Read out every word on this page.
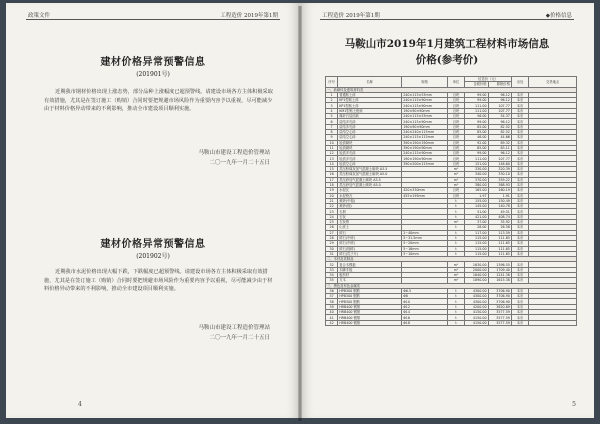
政策文件	工程造价 2019年第1期
建材价格异常预警信息
(201901号)
近期我市钢材价格出现上涨态势，部分品种上涨幅度已超预警线。请建设市场各方主体积极采取有效措施，尤其是在签订施工（购销）合同时要把规避市场风险作为重要内容予以重视，尽可能减少由于材料价格异动带来的不利影响，推动全市建设项目顺利实施。
马鞍山市建设工程造价管理站
二〇一九年一月二十五日
建材价格异常预警信息
(201902号)
近期我市水泥价格出现大幅下跌，下跌幅度已超预警线。请建设市场各方主体积极采取有效措施，尤其是在签订施工（购销）合同时要把规避市场风险作为重要内容予以重视，尽可能减少由于材料价格异动带来的不利影响，推动全市建设项目顺利实施。
马鞍山市建设工程造价管理站
二〇一九年一月二十五日
4
工程造价 2019年第1期	◆价格信息
马鞍山市2019年1月建筑工程材料市场信息
价格(参考价)
序号	名称	规格	单位	信息价（元）		出处	交货地点
				含税价格	除税价格		
一、砖砌体及建筑材料类							
1	普通粘土砖	240×115×53mm	百块	99.00	96.12	本市	
2	KP1型粘土砖	240×115×90mm	百块	99.00	96.12	本市	
3	KP1型粘土砖	240×115×90mm	百块	111.00	107.77	本市	
4	KM1型粘土配砖	190×90×90mm	百块	111.00	107.77	本市	
5	煤矸石烧结砖	240×115×53mm	百块	56.00	54.37	本市	
6	烧结多孔砖	240×115×90mm	百块	99.00	96.12	本市	
7	烧结多孔砖	190×90×90mm	百块	85.00	82.52	本市	
8	烧结空心砖	240×240×115mm	百块	85.00	82.52	本市	
9	烧结空心砖	240×115×115mm	百块	46.00	44.66	本市	
10	轻质砌块	390×190×190mm	百块	92.00	89.32	本市	
11	轻质砌块	390×190×90mm	百块	65.00	63.11	本市	
12	轻质多孔砖	240×115×90mm	百块	99.00	96.12	本市	
13	轻质多孔砖	190×190×90mm	百块	111.00	107.77	本市	
14	轻质空心砖	390×200×115mm	百块	151.00	146.60	本市	
15	蒸压粉煤灰加气混凝土砌块 A3.5		m³	330.00	320.39	本市	
16	蒸压粉煤灰加气混凝土砌块 A5.0		m³	340.00	330.10	本市	
17	蒸压砂加气混凝土砌块 A3.5		m³	370.00	359.22	本市	
18	蒸压砂加气混凝土砌块 A5.0		m³	380.00	368.93	本市	
19	水泥瓦	420×330mm	百块	165.00	160.19	本市	
20	水泥脊瓦	455×195mm	百块	1.97	1.91	本市	
21	黄砂(中粗)		t	155.00	150.49	本市	
22	黄砂(细)		t	145.00	140.78	本市	
23	石屑		t	51.00	49.51	本市	
24	石灰		t	421.00	408.74	本市	
25	石灰膏		m³	37.00	35.92	本市	
26	山皮土		t	28.00	26.58	本市	
27	碎石	2~40mm	t	117.00	113.59	本市	
28	碎石(中碎)	5~31.5mm	t	115.00	111.65	本市	
29	碎石(中碎)	5~20mm	t	115.00	111.65	本市	
30	碎石(细碎)	5~16mm	t	115.00	111.65	本市	
31	碎石(瓜子片)	5~10mm	t	115.00	111.65	本市	
二、木材及其制品							
32	复合木模板		m²	1630.00	1396.55	本市	
33	木脚手板		m³	2000.00	1709.40	本市	
34	板枋材		m³	1640.00	1241.38	本市	
35	方木		m³	1890.00	1615.38	本市	
三、黑色及有色金属类							
36	HPB300 钢筋	Φ6.5	t	4300.00	3706.90	本市	
37	HPB300 钢筋	Φ8	t	4300.00	3706.90	本市	
38	HPB300 钢筋	Φ10	t	4300.00	3706.90	本市	
39	HRB400 钢筋	Φ12	t	4200.00	3620.69	本市	
40	HRB400 钢筋	Φ14	t	4150.00	3577.59	本市	
41	HRB400 钢筋	Φ16	t	4150.00	3577.59	本市	
42	HRB400 钢筋	Φ18	t	4150.00	3577.59	本市	
5
